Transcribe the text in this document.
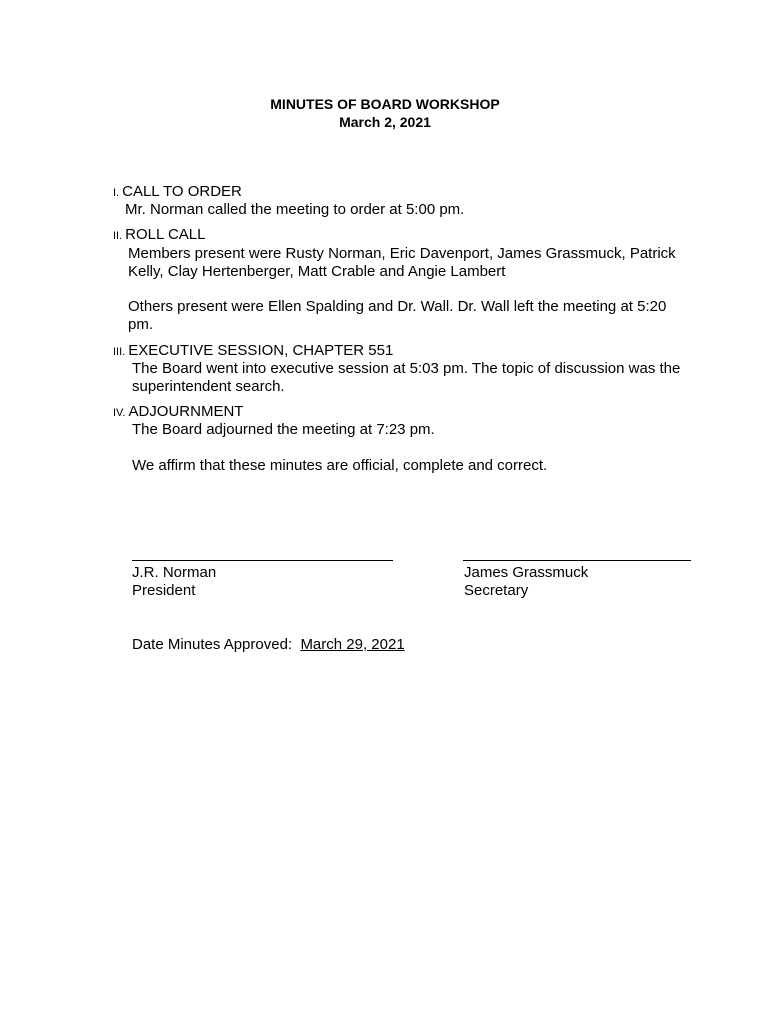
MINUTES OF BOARD WORKSHOP
March 2, 2021
I. CALL TO ORDER
Mr. Norman called the meeting to order at 5:00 pm.
II. ROLL CALL
Members present were Rusty Norman, Eric Davenport, James Grassmuck, Patrick Kelly, Clay Hertenberger, Matt Crable and Angie Lambert
Others present were Ellen Spalding and Dr. Wall. Dr. Wall left the meeting at 5:20 pm.
III. EXECUTIVE SESSION, CHAPTER 551
The Board went into executive session at 5:03 pm. The topic of discussion was the superintendent search.
IV. ADJOURNMENT
The Board adjourned the meeting at 7:23 pm.
We affirm that these minutes are official, complete and correct.
J.R. Norman
President
James Grassmuck
Secretary
Date Minutes Approved: March 29, 2021
